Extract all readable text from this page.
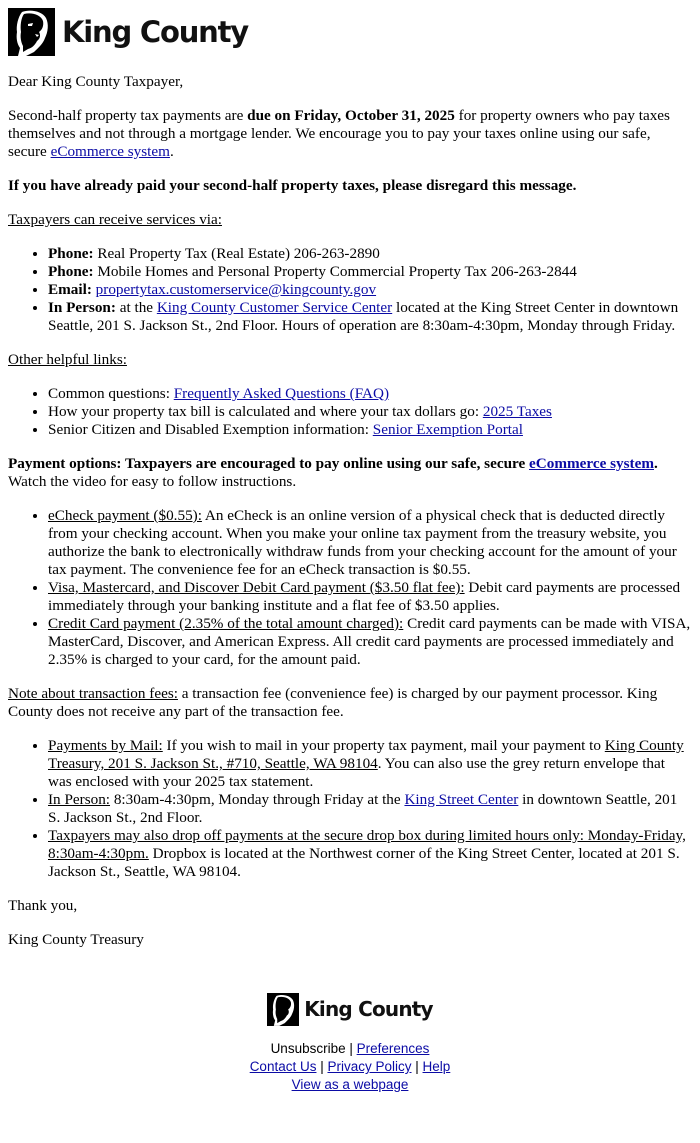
King County

Dear King County Taxpayer,

Second-half property tax payments are due on Friday, October 31, 2025 for property owners who pay taxes themselves and not through a mortgage lender. We encourage you to pay your taxes online using our safe, secure eCommerce system.

If you have already paid your second-half property taxes, please disregard this message.

Taxpayers can receive services via:

• Phone: Real Property Tax (Real Estate) 206-263-2890
• Phone: Mobile Homes and Personal Property Commercial Property Tax 206-263-2844
• Email: propertytax.customerservice@kingcounty.gov
• In Person: at the King County Customer Service Center located at the King Street Center in downtown Seattle, 201 S. Jackson St., 2nd Floor. Hours of operation are 8:30am-4:30pm, Monday through Friday.

Other helpful links:

• Common questions: Frequently Asked Questions (FAQ)
• How your property tax bill is calculated and where your tax dollars go: 2025 Taxes
• Senior Citizen and Disabled Exemption information: Senior Exemption Portal

Payment options: Taxpayers are encouraged to pay online using our safe, secure eCommerce system. Watch the video for easy to follow instructions.

• eCheck payment ($0.55): An eCheck is an online version of a physical check that is deducted directly from your checking account. When you make your online tax payment from the treasury website, you authorize the bank to electronically withdraw funds from your checking account for the amount of your tax payment. The convenience fee for an eCheck transaction is $0.55.
• Visa, Mastercard, and Discover Debit Card payment ($3.50 flat fee): Debit card payments are processed immediately through your banking institute and a flat fee of $3.50 applies.
• Credit Card payment (2.35% of the total amount charged): Credit card payments can be made with VISA, MasterCard, Discover, and American Express. All credit card payments are processed immediately and 2.35% is charged to your card, for the amount paid.

Note about transaction fees: a transaction fee (convenience fee) is charged by our payment processor. King County does not receive any part of the transaction fee.

• Payments by Mail: If you wish to mail in your property tax payment, mail your payment to King County Treasury, 201 S. Jackson St., #710, Seattle, WA 98104. You can also use the grey return envelope that was enclosed with your 2025 tax statement.
• In Person: 8:30am-4:30pm, Monday through Friday at the King Street Center in downtown Seattle, 201 S. Jackson St., 2nd Floor.
• Taxpayers may also drop off payments at the secure drop box during limited hours only: Monday-Friday, 8:30am-4:30pm. Dropbox is located at the Northwest corner of the King Street Center, located at 201 S. Jackson St., Seattle, WA 98104.

Thank you,

King County Treasury

King County
Unsubscribe | Preferences
Contact Us | Privacy Policy | Help
View as a webpage
